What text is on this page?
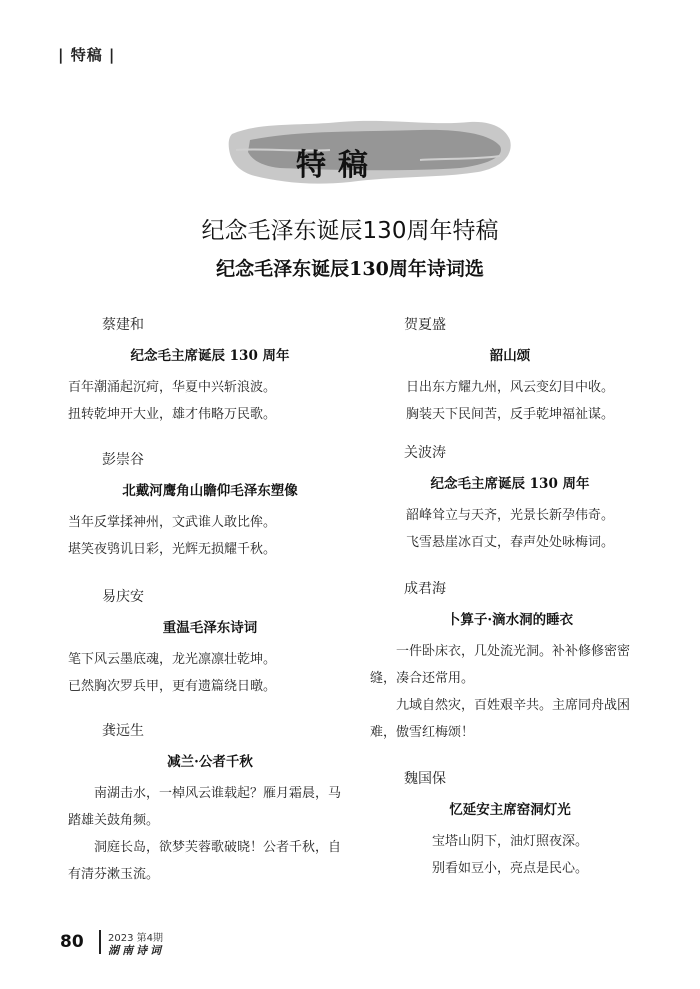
| 特稿 |
特稿
纪念毛泽东诞辰130周年特稿
纪念毛泽东诞辰130周年诗词选
蔡建和
纪念毛主席诞辰 130 周年
百年潮涌起沉疴，华夏中兴斩浪波。
扭转乾坤开大业，雄才伟略万民歌。
彭崇谷
北戴河鹰角山瞻仰毛泽东塑像
当年反掌揉神州，文武谁人敢比侔。
堪笑夜鸮讥日彩，光辉无损耀千秋。
易庆安
重温毛泽东诗词
笔下风云墨底魂，龙光凛凛壮乾坤。
已然胸次罗兵甲，更有遗篇绕日暾。
龚远生
减兰·公者千秋
南湖击水，一棹风云谁载起？雁月霜晨，马踏雄关鼓角频。
洞庭长岛，欲梦芙蓉歌破晓！公者千秋，自有清芬漱玉流。
贺夏盛
韶山颂
日出东方耀九州，风云变幻目中收。
胸装天下民间苦，反手乾坤福祉谋。
关波涛
纪念毛主席诞辰 130 周年
韶峰耸立与天齐，光景长新孕伟奇。
飞雪悬崖冰百丈，春声处处咏梅词。
成君海
卜算子·滴水洞的睡衣
一件卧床衣，几处流光洞。补补修修密密缝，凑合还常用。
九域自然灾，百姓艰辛共。主席同舟战困难，傲雪红梅颂！
魏国保
忆延安主席窑洞灯光
宝塔山阴下，油灯照夜深。
别看如豆小，亮点是民心。
80 2023 第4期
湖南诗词
